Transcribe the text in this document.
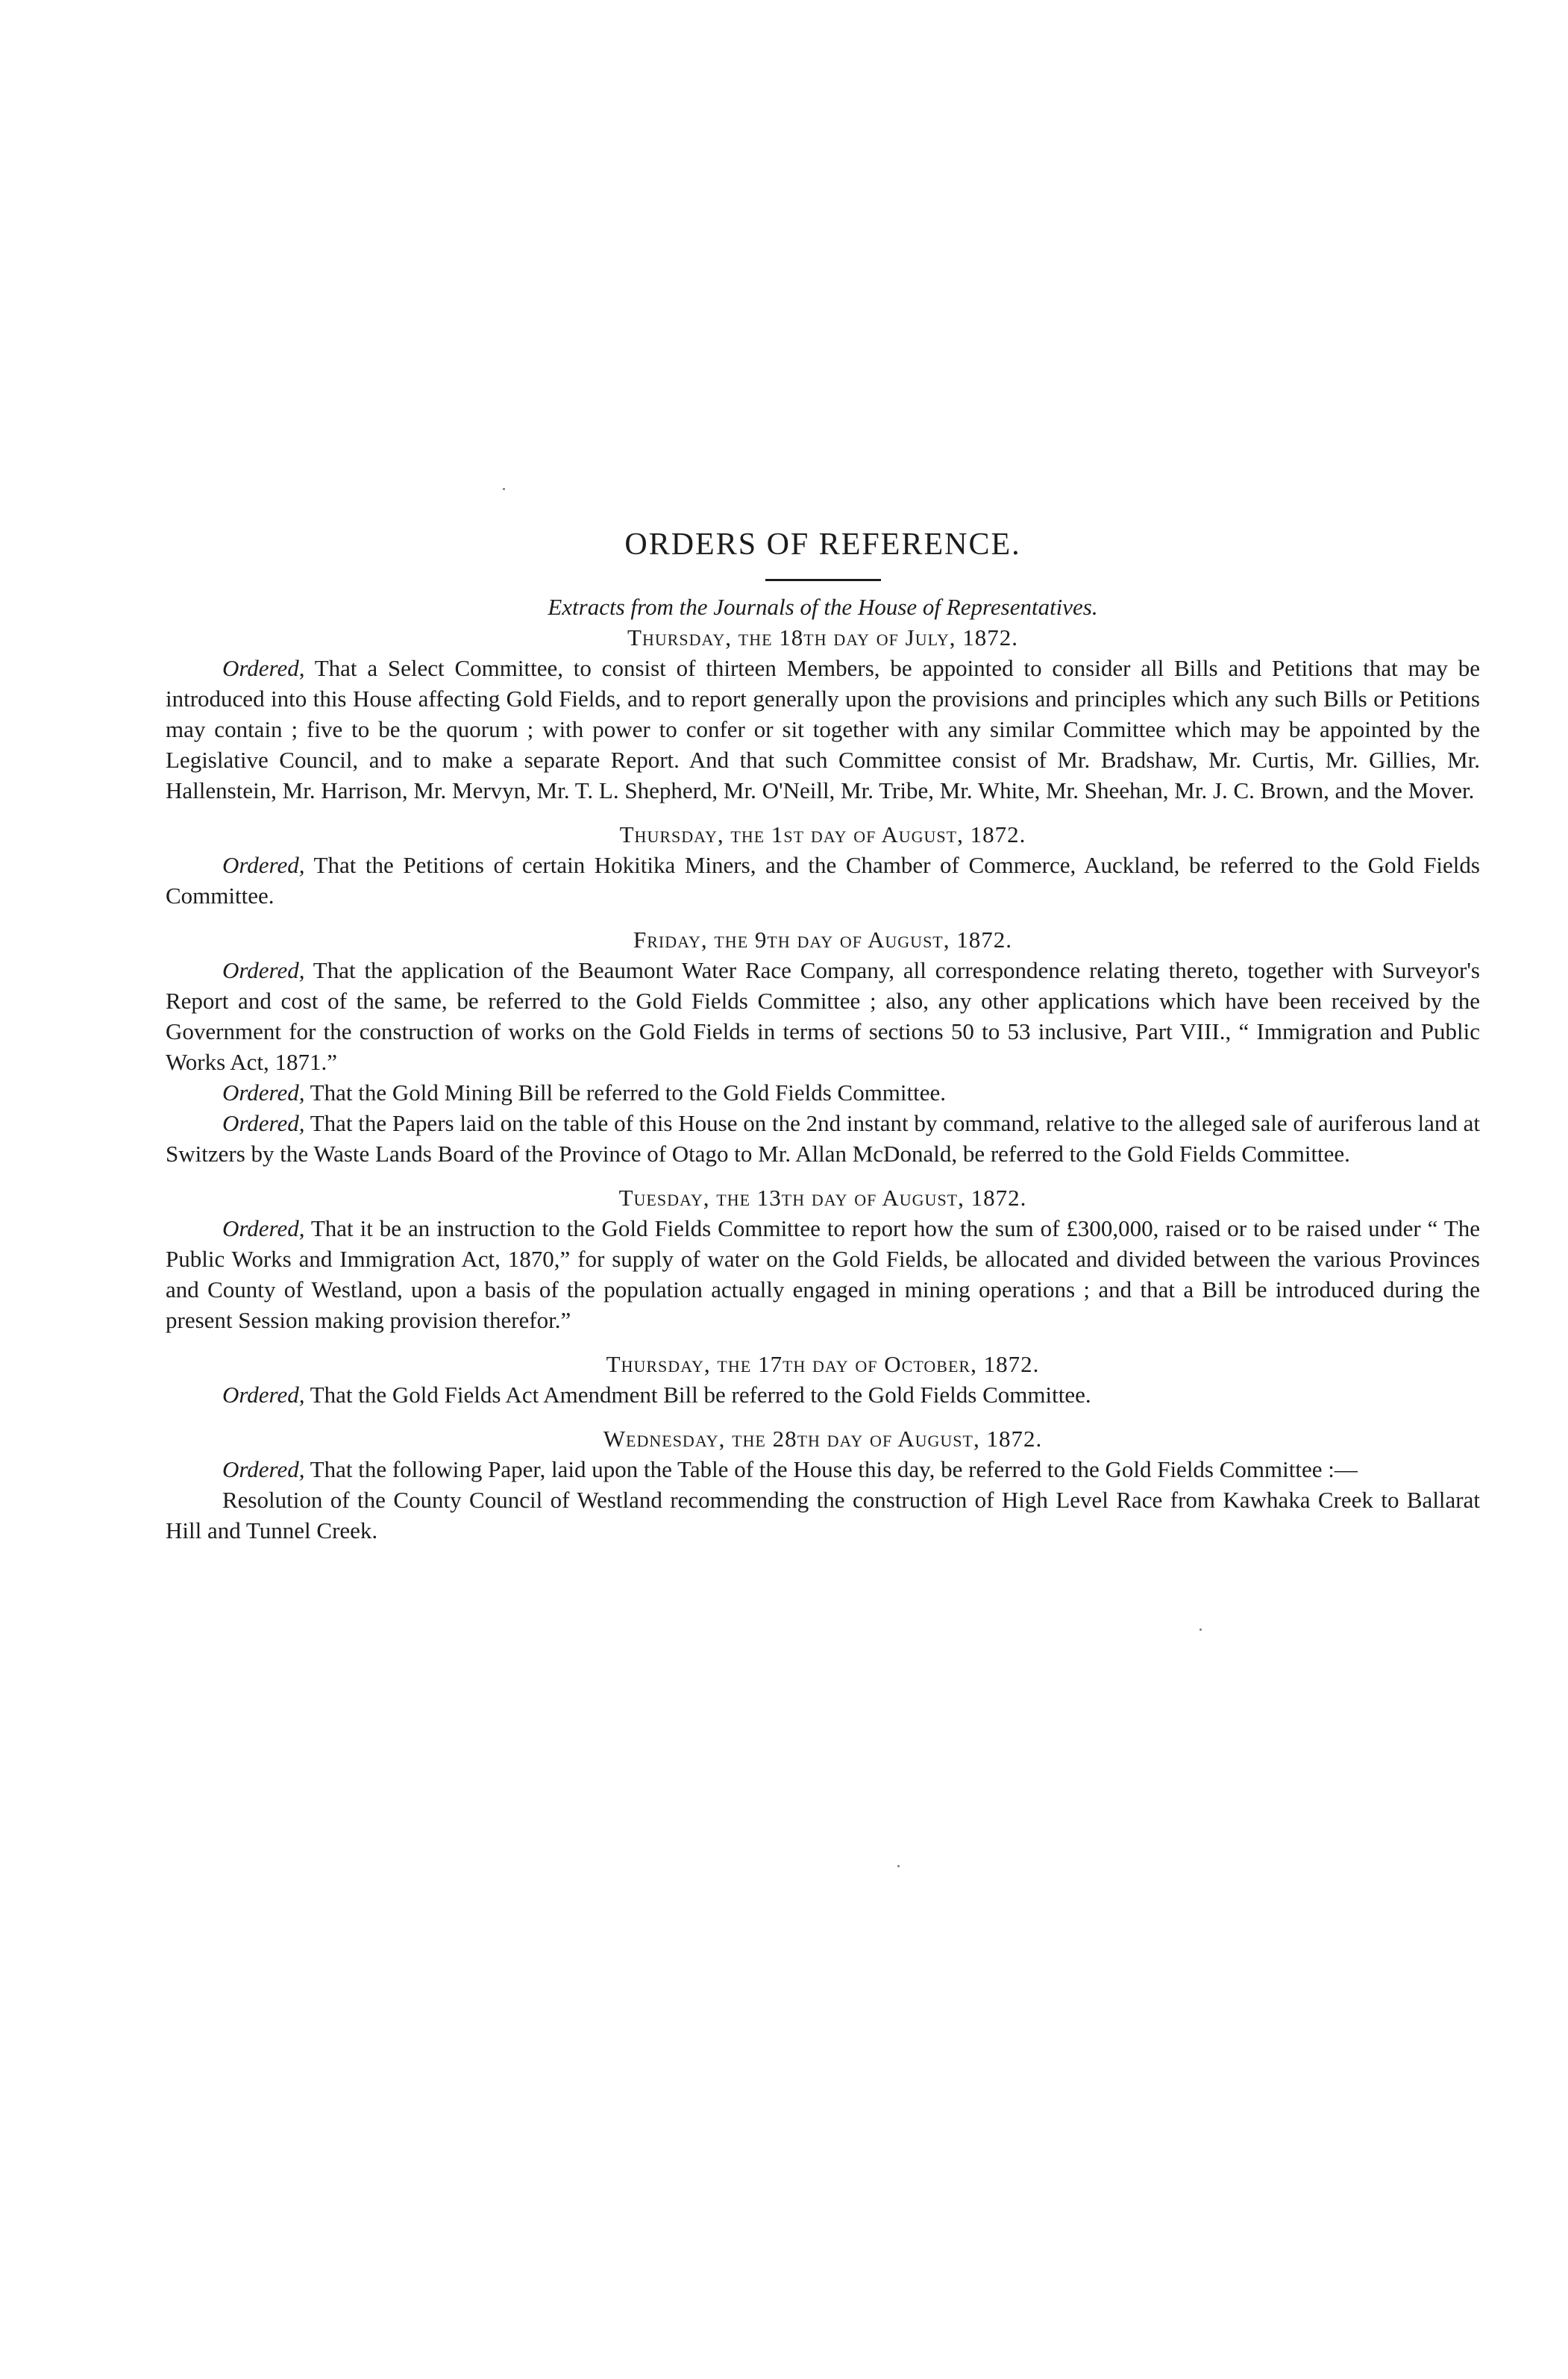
ORDERS OF REFERENCE.

Extracts from the Journals of the House of Representatives.

Thursday, the 18th day of July, 1872.

Ordered, That a Select Committee, to consist of thirteen Members, be appointed to consider all Bills and Petitions that may be introduced into this House affecting Gold Fields, and to report generally upon the provisions and principles which any such Bills or Petitions may contain ; five to be the quorum ; with power to confer or sit together with any similar Committee which may be appointed by the Legislative Council, and to make a separate Report. And that such Committee consist of Mr. Bradshaw, Mr. Curtis, Mr. Gillies, Mr. Hallenstein, Mr. Harrison, Mr. Mervyn, Mr. T. L. Shepherd, Mr. O'Neill, Mr. Tribe, Mr. White, Mr. Sheehan, Mr. J. C. Brown, and the Mover.

Thursday, the 1st day of August, 1872.

Ordered, That the Petitions of certain Hokitika Miners, and the Chamber of Commerce, Auckland, be referred to the Gold Fields Committee.

Friday, the 9th day of August, 1872.

Ordered, That the application of the Beaumont Water Race Company, all correspondence relating thereto, together with Surveyor's Report and cost of the same, be referred to the Gold Fields Committee ; also, any other applications which have been received by the Government for the construction of works on the Gold Fields in terms of sections 50 to 53 inclusive, Part VIII., “ Immigration and Public Works Act, 1871.”

Ordered, That the Gold Mining Bill be referred to the Gold Fields Committee.

Ordered, That the Papers laid on the table of this House on the 2nd instant by command, relative to the alleged sale of auriferous land at Switzers by the Waste Lands Board of the Province of Otago to Mr. Allan McDonald, be referred to the Gold Fields Committee.

Tuesday, the 13th day of August, 1872.

Ordered, That it be an instruction to the Gold Fields Committee to report how the sum of £300,000, raised or to be raised under “ The Public Works and Immigration Act, 1870,” for supply of water on the Gold Fields, be allocated and divided between the various Provinces and County of Westland, upon a basis of the population actually engaged in mining operations ; and that a Bill be introduced during the present Session making provision therefor.”

Thursday, the 17th day of October, 1872.

Ordered, That the Gold Fields Act Amendment Bill be referred to the Gold Fields Committee.

Wednesday, the 28th day of August, 1872.

Ordered, That the following Paper, laid upon the Table of the House this day, be referred to the Gold Fields Committee :—

Resolution of the County Council of Westland recommending the construction of High Level Race from Kawhaka Creek to Ballarat Hill and Tunnel Creek.
